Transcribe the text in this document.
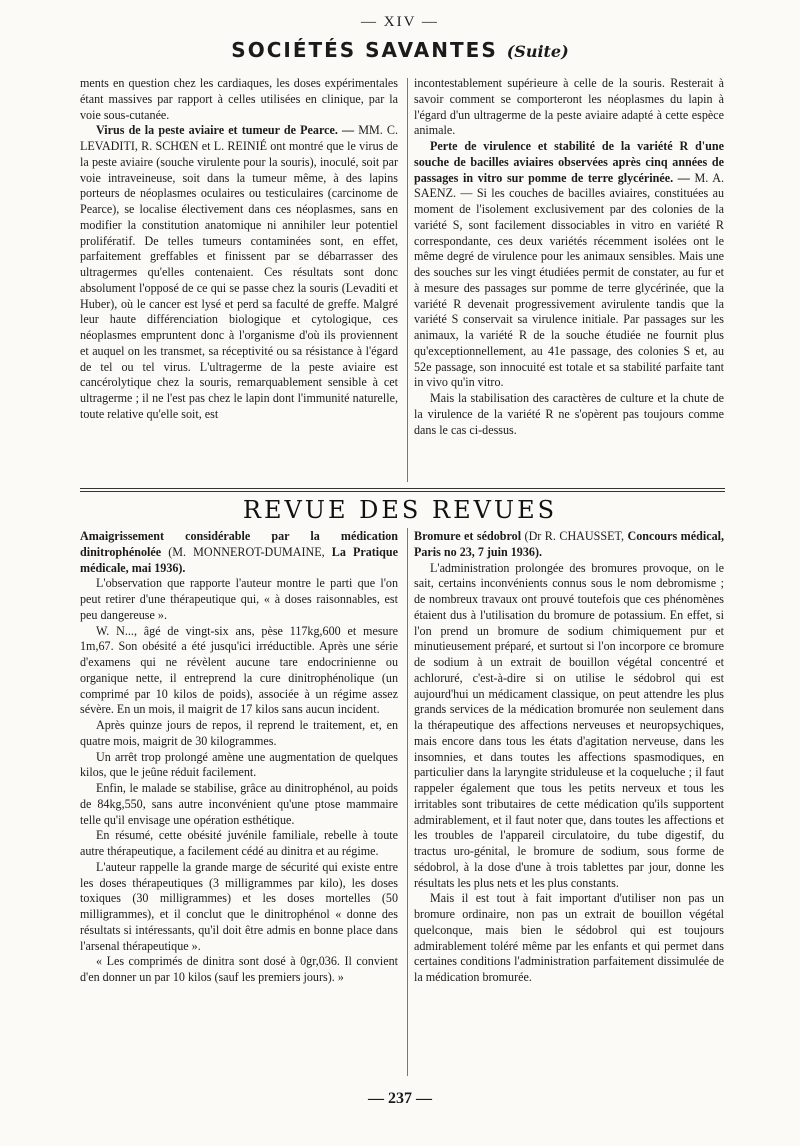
— XIV —
SOCIÉTÉS SAVANTES (Suite)

ments en question chez les cardiaques, les doses expérimentales étant massives par rapport à celles utilisées en clinique, par la voie sous-cutanée.

Virus de la peste aviaire et tumeur de Pearce. — MM. C. LEVADITI, R. SCHŒN et L. REINIÉ ont montré que le virus de la peste aviaire (souche virulente pour la souris), inoculé, soit par voie intraveineuse, soit dans la tumeur même, à des lapins porteurs de néoplasmes oculaires ou testiculaires (carcinome de Pearce), se localise électivement dans ces néoplasmes, sans en modifier la constitution anatomique ni annihiler leur potentiel prolifératif. De telles tumeurs contaminées sont, en effet, parfaitement greffables et finissent par se débarrasser des ultragermes qu'elles contenaient. Ces résultats sont donc absolument l'opposé de ce qui se passe chez la souris (Levaditi et Huber), où le cancer est lysé et perd sa faculté de greffe. Malgré leur haute différenciation biologique et cytologique, ces néoplasmes empruntent donc à l'organisme d'où ils proviennent et auquel on les transmet, sa réceptivité ou sa résistance à l'égard de tel ou tel virus. L'ultragerme de la peste aviaire est cancérolytique chez la souris, remarquablement sensible à cet ultragerme ; il ne l'est pas chez le lapin dont l'immunité naturelle, toute relative qu'elle soit, est

incontestablement supérieure à celle de la souris. Resterait à savoir comment se comporteront les néoplasmes du lapin à l'égard d'un ultragerme de la peste aviaire adapté à cette espèce animale.

Perte de virulence et stabilité de la variété R d'une souche de bacilles aviaires observées après cinq années de passages in vitro sur pomme de terre glycérinée. — M. A. SAENZ. — Si les couches de bacilles aviaires, constituées au moment de l'isolement exclusivement par des colonies de la variété S, sont facilement dissociables in vitro en variété R correspondante, ces deux variétés récemment isolées ont le même degré de virulence pour les animaux sensibles. Mais une des souches sur les vingt étudiées permit de constater, au fur et à mesure des passages sur pomme de terre glycérinée, que la variété R devenait progressivement avirulente tandis que la variété S conservait sa virulence initiale. Par passages sur les animaux, la variété R de la souche étudiée ne fournit plus qu'exceptionnellement, au 41e passage, des colonies S et, au 52e passage, son innocuité est totale et sa stabilité parfaite tant in vivo qu'in vitro.

Mais la stabilisation des caractères de culture et la chute de la virulence de la variété R ne s'opèrent pas toujours comme dans le cas ci-dessus.

REVUE DES REVUES

Amaigrissement considérable par la médication dinitrophénolée (M. MONNEROT-DUMAINE, La Pratique médicale, mai 1936).

L'observation que rapporte l'auteur montre le parti que l'on peut retirer d'une thérapeutique qui, « à doses raisonnables, est peu dangereuse ».

W. N..., âgé de vingt-six ans, pèse 117kg,600 et mesure 1m,67. Son obésité a été jusqu'ici irréductible. Après une série d'examens qui ne révèlent aucune tare endocrinienne ou organique nette, il entreprend la cure dinitrophénolique (un comprimé par 10 kilos de poids), associée à un régime assez sévère. En un mois, il maigrit de 17 kilos sans aucun incident.

Après quinze jours de repos, il reprend le traitement, et, en quatre mois, maigrit de 30 kilogrammes.

Un arrêt trop prolongé amène une augmentation de quelques kilos, que le jeûne réduit facilement.

Enfin, le malade se stabilise, grâce au dinitrophénol, au poids de 84kg,550, sans autre inconvénient qu'une ptose mammaire telle qu'il envisage une opération esthétique.

En résumé, cette obésité juvénile familiale, rebelle à toute autre thérapeutique, a facilement cédé au dinitra et au régime.

L'auteur rappelle la grande marge de sécurité qui existe entre les doses thérapeutiques (3 milligrammes par kilo), les doses toxiques (30 milligrammes) et les doses mortelles (50 milligrammes), et il conclut que le dinitrophénol « donne des résultats si intéressants, qu'il doit être admis en bonne place dans l'arsenal thérapeutique ».

« Les comprimés de dinitra sont dosé à 0gr,036. Il convient d'en donner un par 10 kilos (sauf les premiers jours). »

Bromure et sédobrol (Dr R. CHAUSSET, Concours médical, Paris no 23, 7 juin 1936).

L'administration prolongée des bromures provoque, on le sait, certains inconvénients connus sous le nom debromisme ; de nombreux travaux ont prouvé toutefois que ces phénomènes étaient dus à l'utilisation du bromure de potassium. En effet, si l'on prend un bromure de sodium chimiquement pur et minutieusement préparé, et surtout si l'on incorpore ce bromure de sodium à un extrait de bouillon végétal concentré et achloruré, c'est-à-dire si on utilise le sédobrol qui est aujourd'hui un médicament classique, on peut attendre les plus grands services de la médication bromurée non seulement dans la thérapeutique des affections nerveuses et neuropsychiques, mais encore dans tous les états d'agitation nerveuse, dans les insomnies, et dans toutes les affections spasmodiques, en particulier dans la laryngite striduleuse et la coqueluche ; il faut rappeler également que tous les petits nerveux et tous les irritables sont tributaires de cette médication qu'ils supportent admirablement, et il faut noter que, dans toutes les affections et les troubles de l'appareil circulatoire, du tube digestif, du tractus uro-génital, le bromure de sodium, sous forme de sédobrol, à la dose d'une à trois tablettes par jour, donne les résultats les plus nets et les plus constants.

Mais il est tout à fait important d'utiliser non pas un bromure ordinaire, non pas un extrait de bouillon végétal quelconque, mais bien le sédobrol qui est toujours admirablement toléré même par les enfants et qui permet dans certaines conditions l'administration parfaitement dissimulée de la médication bromurée.

— 237 —
